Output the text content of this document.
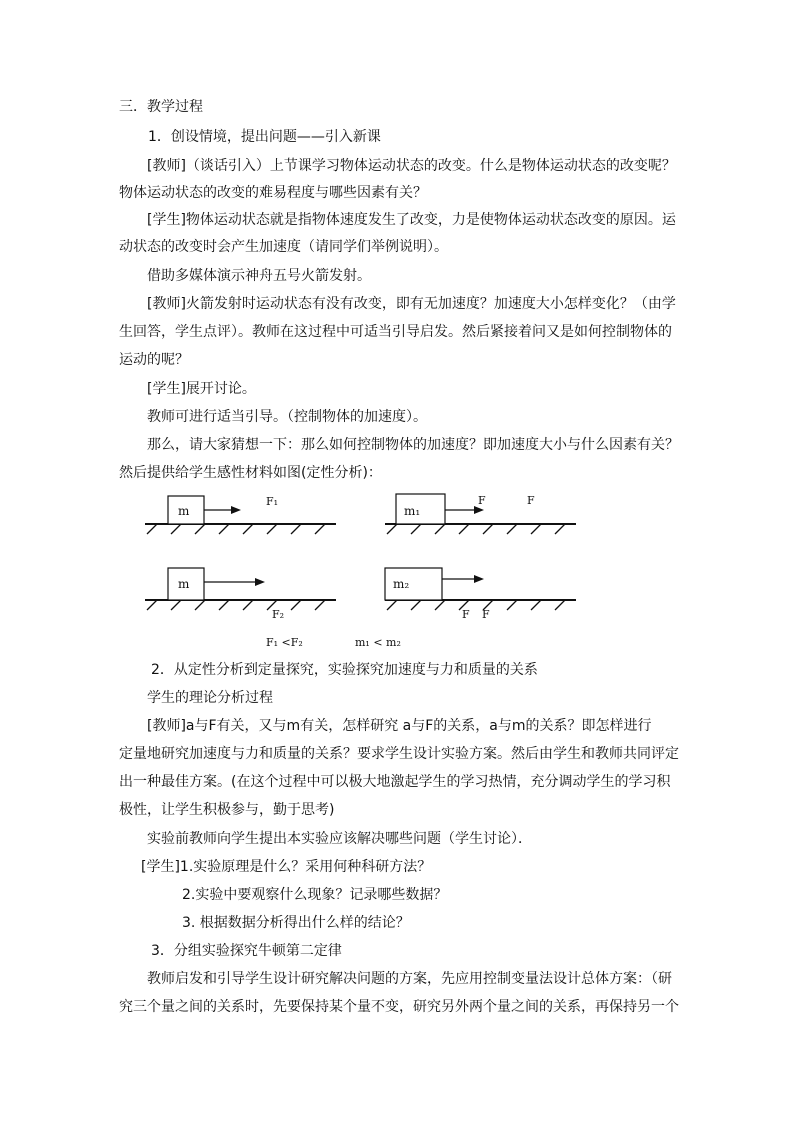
三．教学过程
1．创设情境，提出问题——引入新课
[教师]（谈话引入）上节课学习物体运动状态的改变。什么是物体运动状态的改变呢？
物体运动状态的改变的难易程度与哪些因素有关？
[学生]物体运动状态就是指物体速度发生了改变，力是使物体运动状态改变的原因。运
动状态的改变时会产生加速度（请同学们举例说明）。
借助多媒体演示神舟五号火箭发射。
[教师]火箭发射时运动状态有没有改变，即有无加速度？加速度大小怎样变化？（由学
生回答，学生点评）。教师在这过程中可适当引导启发。然后紧接着问又是如何控制物体的
运动的呢？
[学生]展开讨论。
教师可进行适当引导。（控制物体的加速度）。
那么，请大家猜想一下：那么如何控制物体的加速度？即加速度大小与什么因素有关？
然后提供给学生感性材料如图(定性分析)：
m
F₁
m₁
F	F
m
F₂
m₂
F F
F₁ <F₂	m₁ < m₂
2．从定性分析到定量探究，实验探究加速度与力和质量的关系
学生的理论分析过程
[教师]a与F有关，又与m有关，怎样研究 a与F的关系，a与m的关系？即怎样进行
定量地研究加速度与力和质量的关系？要求学生设计实验方案。然后由学生和教师共同评定
出一种最佳方案。(在这个过程中可以极大地激起学生的学习热情，充分调动学生的学习积
极性，让学生积极参与，勤于思考)
实验前教师向学生提出本实验应该解决哪些问题（学生讨论）．
[学生]1.实验原理是什么？采用何种科研方法？
2.实验中要观察什么现象？记录哪些数据？
3. 根据数据分析得出什么样的结论？
3．分组实验探究牛顿第二定律
教师启发和引导学生设计研究解决问题的方案，先应用控制变量法设计总体方案：（研
究三个量之间的关系时，先要保持某个量不变，研究另外两个量之间的关系，再保持另一个
